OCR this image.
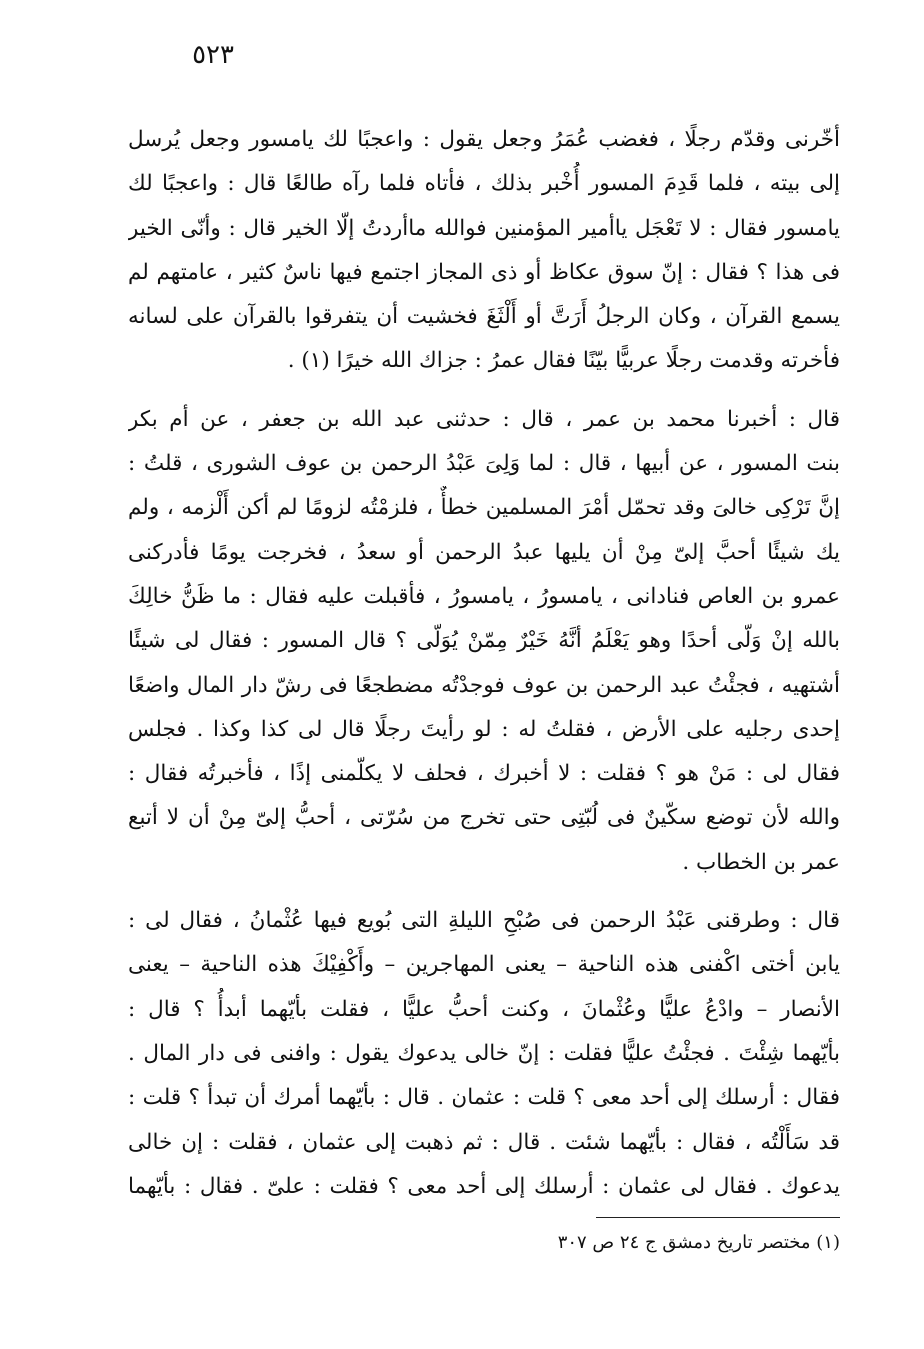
٥٢٣
أخّرنى وقدّم رجلًا ، فغضب عُمَرُ وجعل يقول : واعجبًا لك يامسور وجعل يُرسل
إلى بيته ، فلما قَدِمَ المسور أُخْبر بذلك ، فأتاه فلما رآه طالعًا قال : واعجبًا لك
يامسور فقال : لا تَعْجَل ياأمير المؤمنين فوالله ماأردتُ إلّا الخير قال : وأنّى الخير
فى هذا ؟ فقال : إنّ سوق عكاظ أو ذى المجاز اجتمع فيها ناسٌ كثير ، عامتهم لم
يسمع القرآن ، وكان الرجلُ أَرَتَّ أو أَلْثَغَ فخشيت أن يتفرقوا بالقرآن على لسانه
فأخرته وقدمت رجلًا عربيًّا بيّنًا فقال عمرُ : جزاك الله خيرًا (١) .
قال : أخبرنا محمد بن عمر ، قال : حدثنى عبد الله بن جعفر ، عن أم بكر
بنت المسور ، عن أبيها ، قال : لما وَلِىَ عَبْدُ الرحمن بن عوف الشورى ، قلتُ :
إنَّ تَرْكِى خالىَ وقد تحمّل أمْرَ المسلمين خطأٌ ، فلزمْتُه لزومًا لم أكن أَلْزمه ، ولم
يك شيئًا أحبَّ إلىّ مِنْ أن يليها عبدُ الرحمن أو سعدُ ، فخرجت يومًا فأدركنى
عمرو بن العاص فنادانى ، يامسورُ ، يامسورُ ، فأقبلت عليه فقال : ما ظَنُّ خالِكَ
بالله إنْ وَلّى أحدًا وهو يَعْلَمُ أنَّهُ خَيْرٌ مِمّنْ يُوَلّى ؟ قال المسور : فقال لى شيئًا
أشتهيه ، فجئْتُ عبد الرحمن بن عوف فوجدْتُه مضطجعًا فى رشّ دار المال واضعًا
إحدى رجليه على الأرض ، فقلتُ له : لو رأيتَ رجلًا قال لى كذا وكذا . فجلس
فقال لى : مَنْ هو ؟ فقلت : لا أخبرك ، فحلف لا يكلّمنى إذًا ، فأخبرتُه فقال :
والله لأن توضع سكّينٌ فى لُبّتِى حتى تخرج من سُرّتى ، أحبُّ إلىّ مِنْ أن لا أتبع
عمر بن الخطاب .
قال : وطرقنى عَبْدُ الرحمن فى صُبْحِ الليلةِ التى بُويع فيها عُثْمانُ ، فقال لى :
يابن أختى اكْفنى هذه الناحية – يعنى المهاجرين – وأَكْفِيْكَ هذه الناحية – يعنى
الأنصار – وادْعُ عليًّا وعُثْمانَ ، وكنت أحبُّ عليًّا ، فقلت بأيّهما أبدأُ ؟ قال :
بأيّهما شِئْتَ . فجئْتُ عليًّا فقلت : إنّ خالى يدعوك يقول : وافنى فى دار المال .
فقال : أرسلك إلى أحد معى ؟ قلت : عثمان . قال : بأيّهما أمرك أن تبدأ ؟ قلت :
قد سَأَلْتُه ، فقال : بأيّهما شئت . قال : ثم ذهبت إلى عثمان ، فقلت : إن خالى
يدعوك . فقال لى عثمان : أرسلك إلى أحد معى ؟ فقلت : علىّ . فقال : بأيّهما
(١) مختصر تاريخ دمشق ج ٢٤ ص ٣٠٧
